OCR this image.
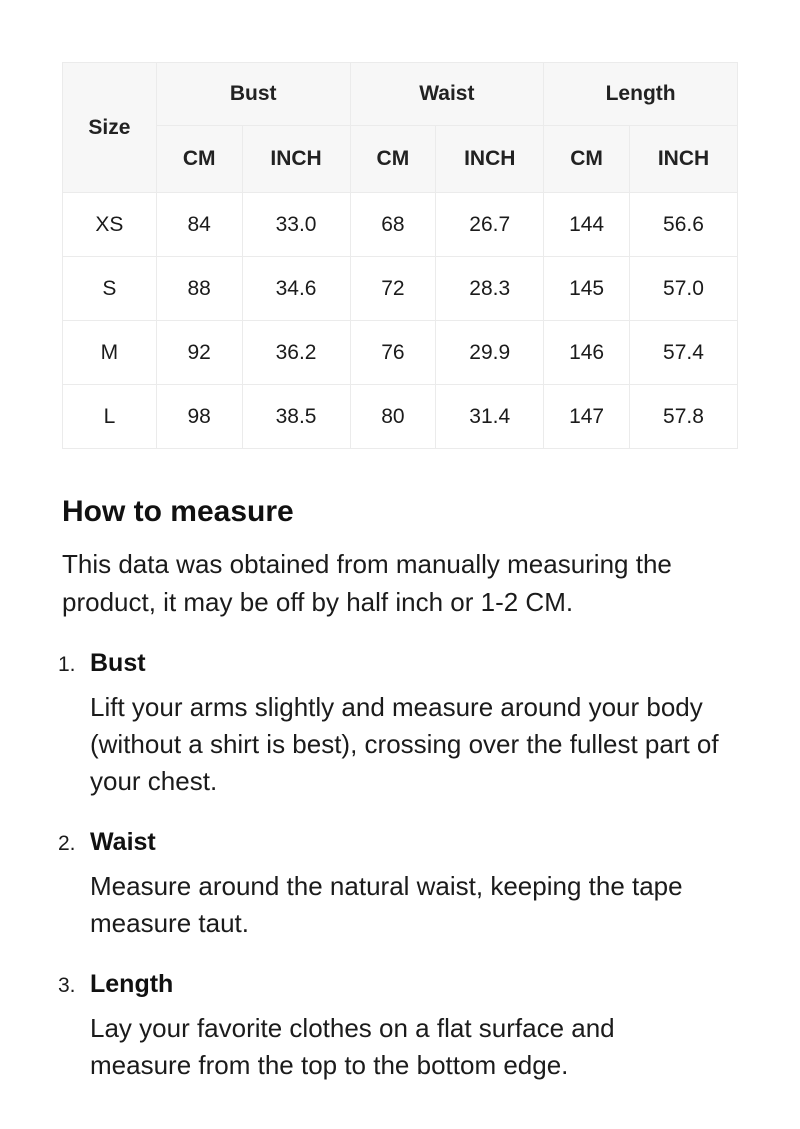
Size	Bust		Waist		Length	
	CM	INCH	CM	INCH	CM	INCH
XS	84	33.0	68	26.7	144	56.6
S	88	34.6	72	28.3	145	57.0
M	92	36.2	76	29.9	146	57.4
L	98	38.5	80	31.4	147	57.8
How to measure

This data was obtained from manually measuring the product, it may be off by half inch or 1-2 CM.

1. Bust

Lift your arms slightly and measure around your body (without a shirt is best), crossing over the fullest part of your chest.

2. Waist

Measure around the natural waist, keeping the tape measure taut.

3. Length

Lay your favorite clothes on a flat surface and measure from the top to the bottom edge.
